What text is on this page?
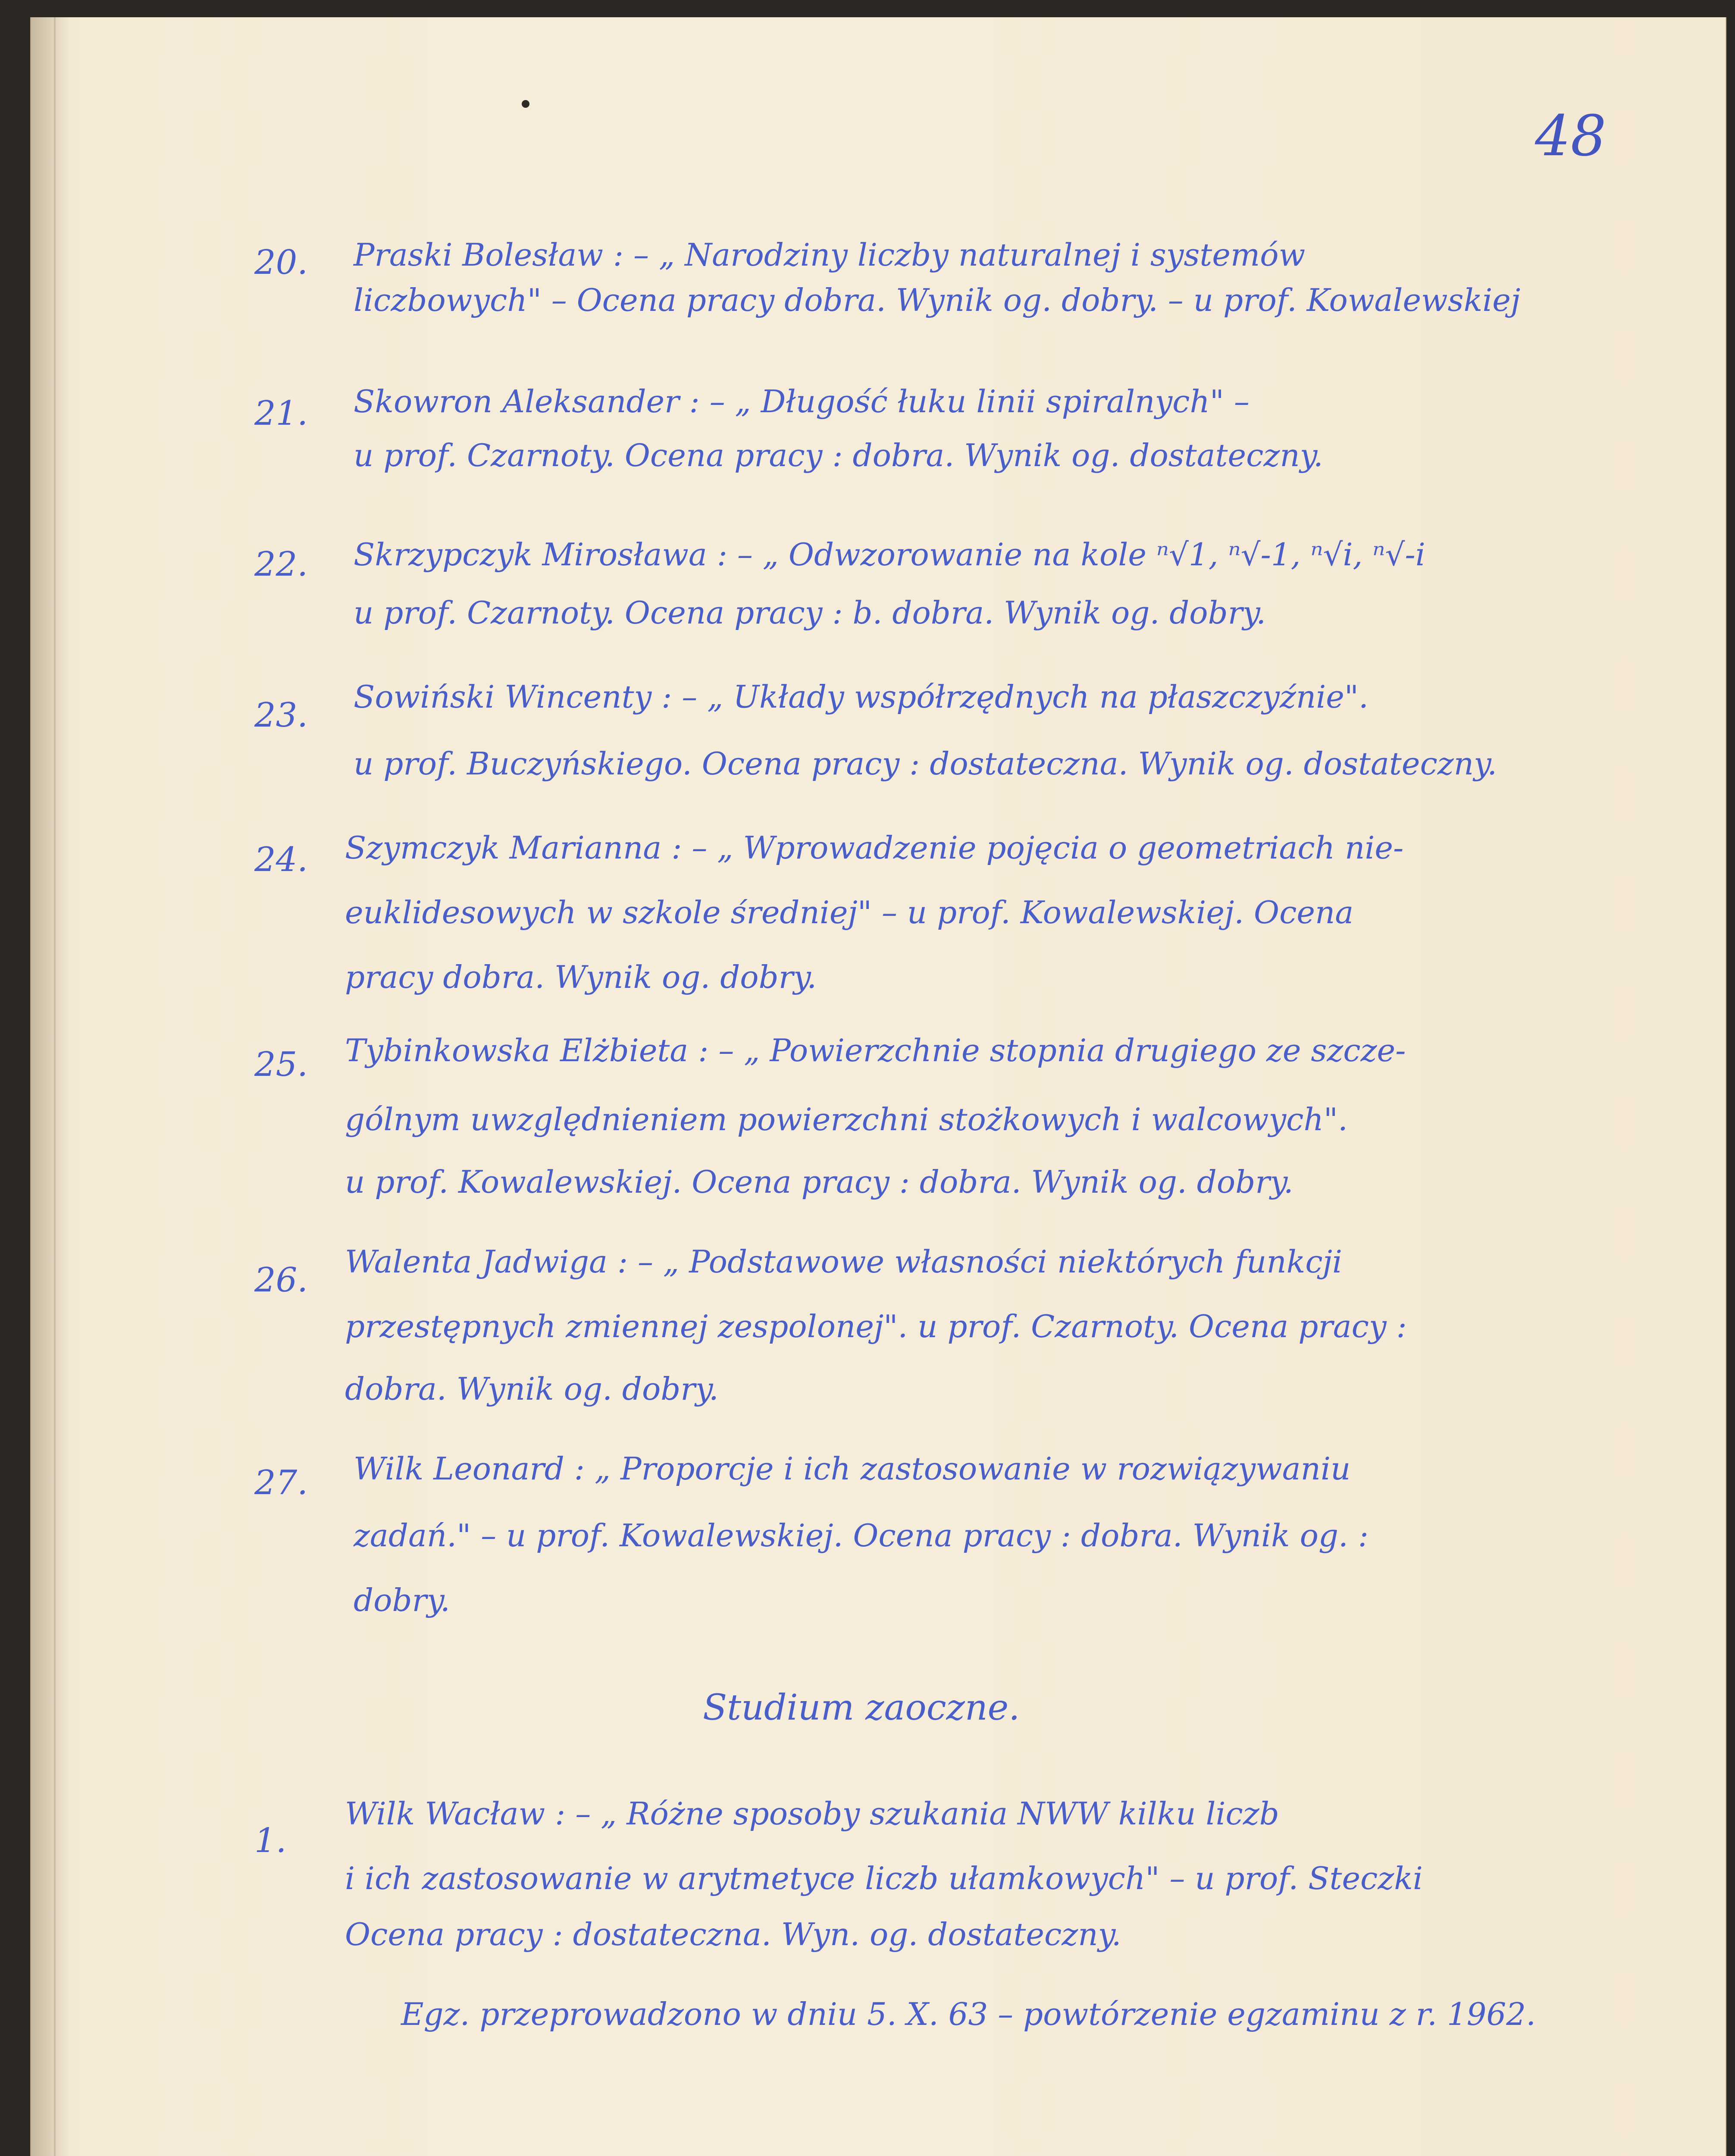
48
20. Praski Bolesław : – „ Narodziny liczby naturalnej i systemów
liczbowych" – Ocena pracy dobra. Wynik og. dobry. – u prof. Kowalewskiej
21. Skowron Aleksander : – „ Długość łuku linii spiralnych" –
u prof. Czarnoty. Ocena pracy : dobra. Wynik og. dostateczny.
22. Skrzypczyk Mirosława : – „ Odwzorowanie na kole ⁿ√1, ⁿ√-1, ⁿ√i, ⁿ√-i
u prof. Czarnoty. Ocena pracy : b. dobra. Wynik og. dobry.
23. Sowiński Wincenty : – „ Układy współrzędnych na płaszczyźnie".
u prof. Buczyńskiego. Ocena pracy : dostateczna. Wynik og. dostateczny.
24. Szymczyk Marianna : – „ Wprowadzenie pojęcia o geometriach nie-
euklidesowych w szkole średniej" – u prof. Kowalewskiej. Ocena
pracy dobra. Wynik og. dobry.
25. Tybinkowska Elżbieta : – „ Powierzchnie stopnia drugiego ze szcze-
gólnym uwzględnieniem powierzchni stożkowych i walcowych".
u prof. Kowalewskiej. Ocena pracy : dobra. Wynik og. dobry.
26. Walenta Jadwiga : – „ Podstawowe własności niektórych funkcji
przestępnych zmiennej zespolonej". u prof. Czarnoty. Ocena pracy :
dobra. Wynik og. dobry.
27. Wilk Leonard : „ Proporcje i ich zastosowanie w rozwiązywaniu
zadań." – u prof. Kowalewskiej. Ocena pracy : dobra. Wynik og. :
dobry.
Studium zaoczne.
1.
Wilk Wacław : – „ Różne sposoby szukania NWW kilku liczb
i ich zastosowanie w arytmetyce liczb ułamkowych" – u prof. Steczki
Ocena pracy : dostateczna. Wyn. og. dostateczny.
Egz. przeprowadzono w dniu 5. X. 63 – powtórzenie egzaminu z r. 1962.
